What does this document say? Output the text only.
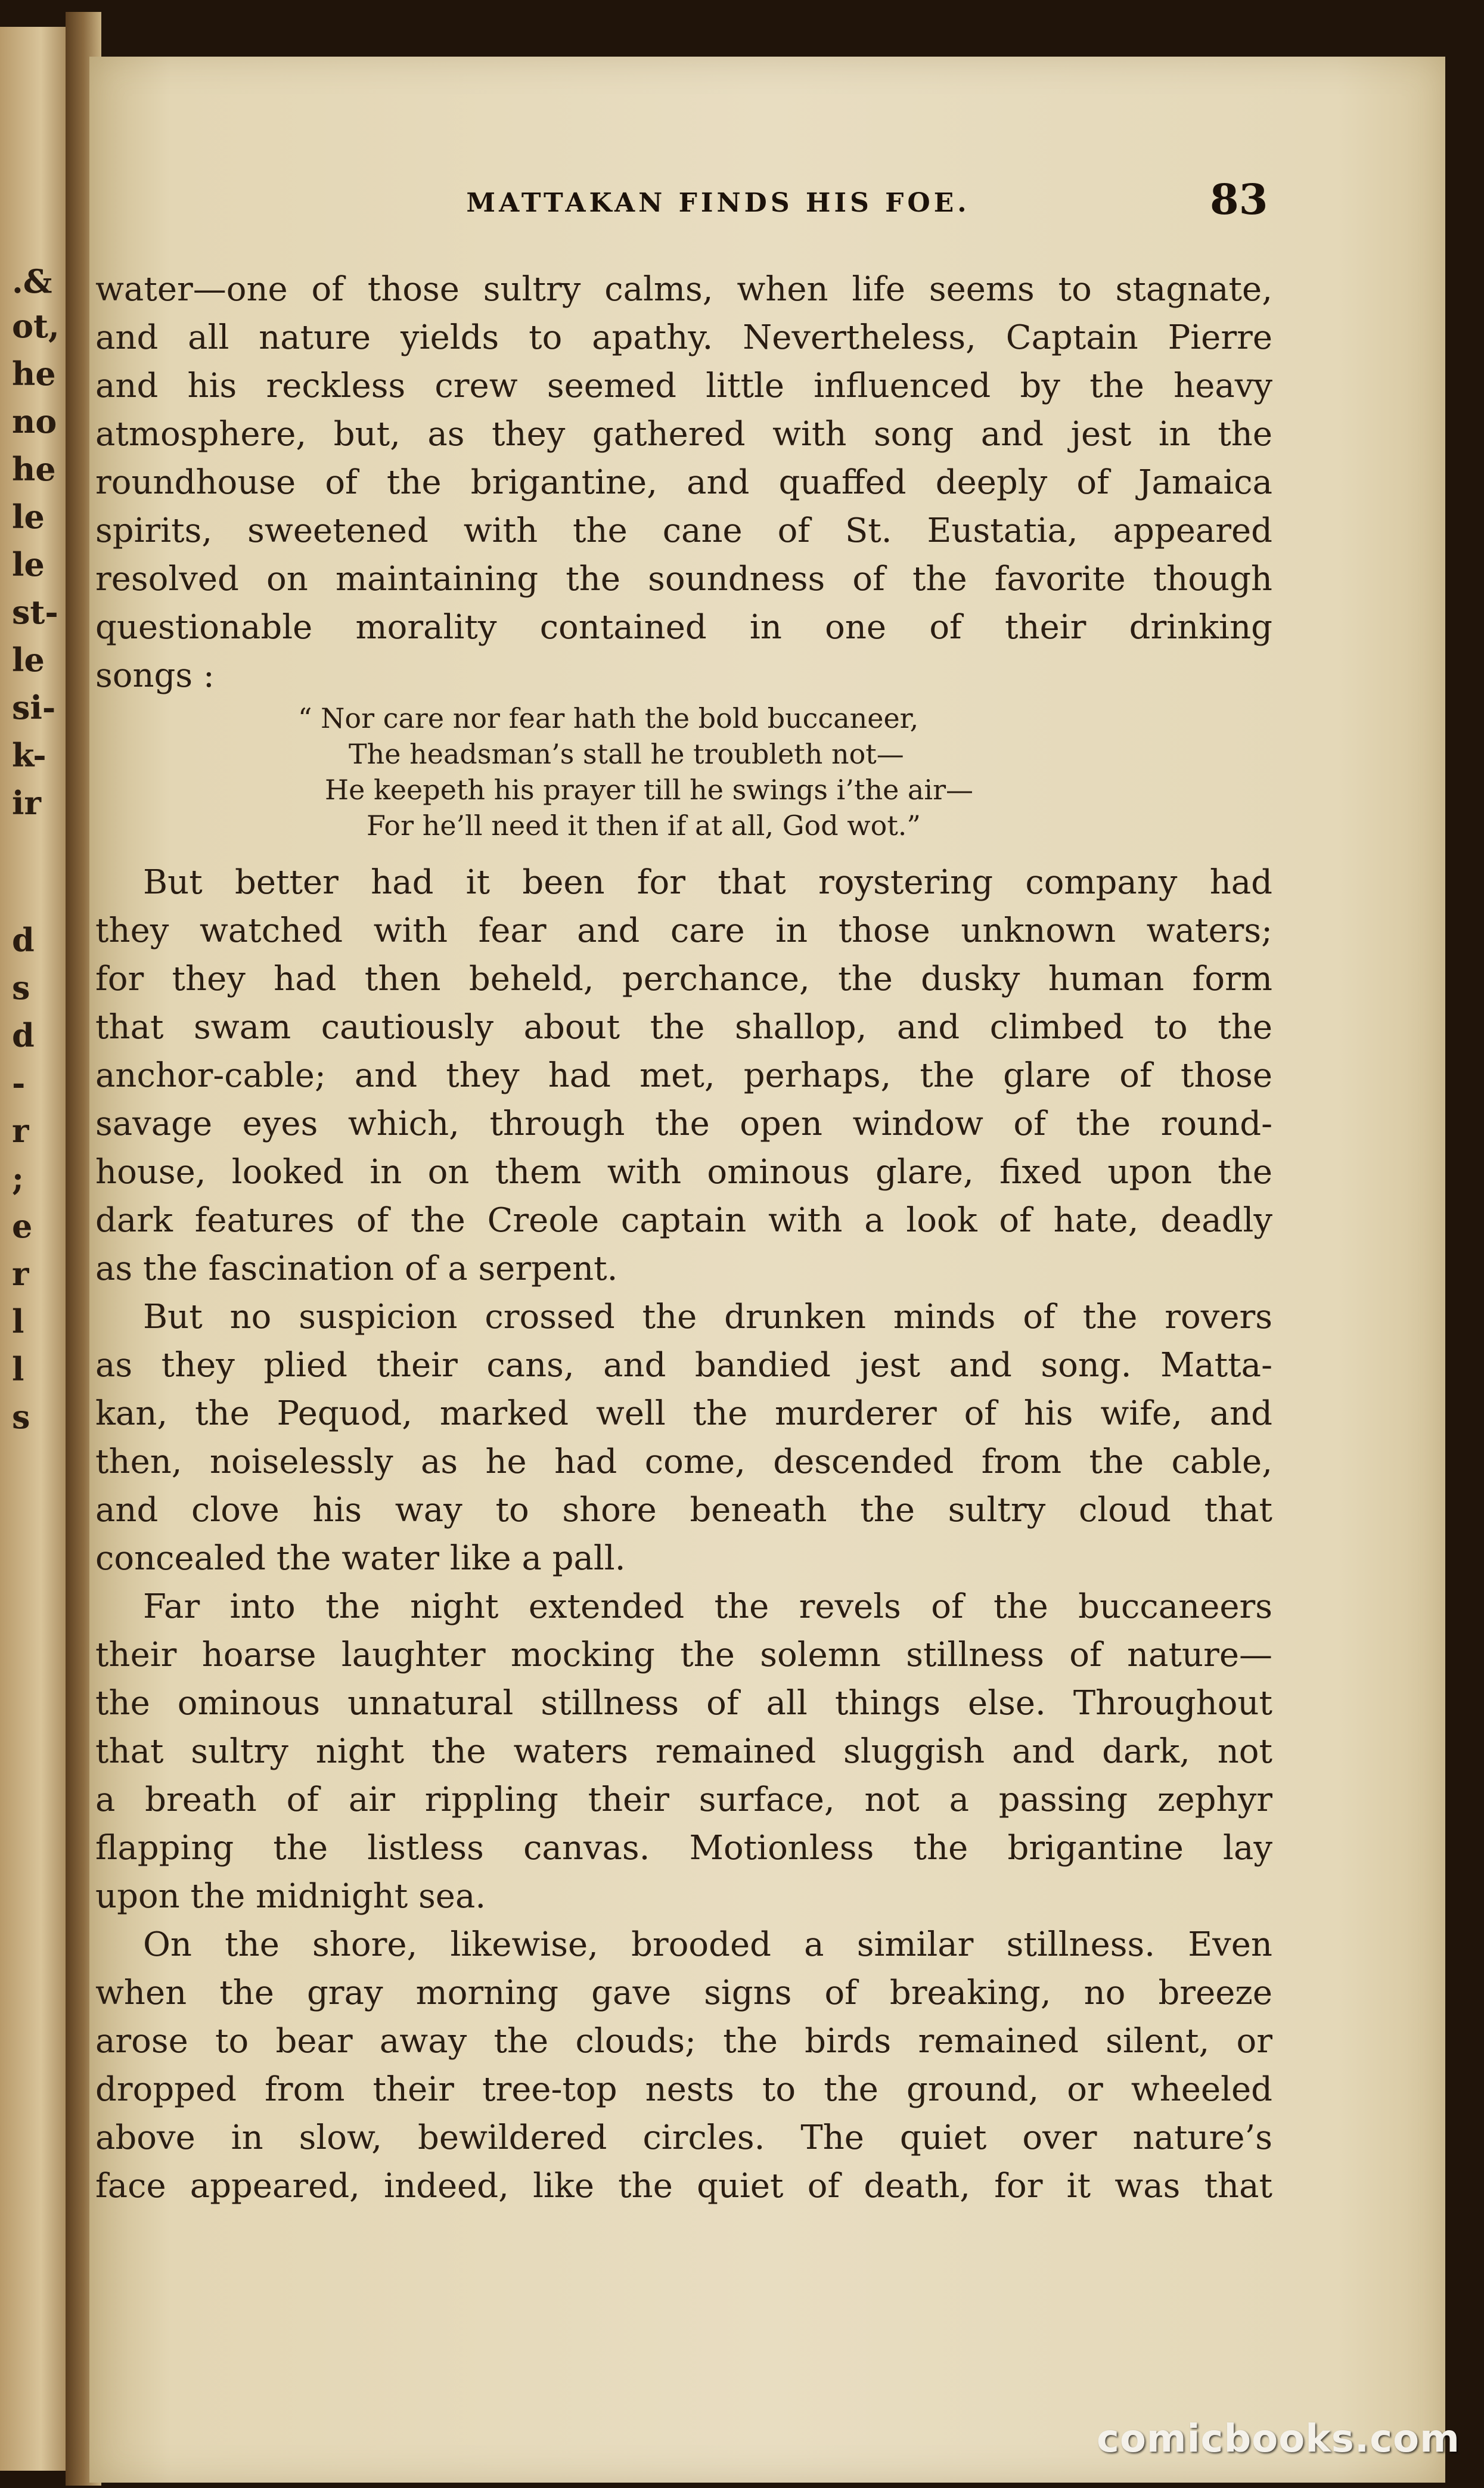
.&
ot,
he
no
he
le
le
st-
le
si-
k-
ir
d
s
d
-
r
;
e
r
l
l
s
MATTAKAN FINDS HIS FOE.	83
water—one of those sultry calms, when life seems to stagnate,
and all nature yields to apathy. Nevertheless, Captain Pierre
and his reckless crew seemed little influenced by the heavy
atmosphere, but, as they gathered with song and jest in the
roundhouse of the brigantine, and quaffed deeply of Jamaica
spirits, sweetened with the cane of St. Eustatia, appeared
resolved on maintaining the soundness of the favorite though
questionable morality contained in one of their drinking
songs :
“ Nor care nor fear hath the bold buccaneer,
The headsman’s stall he troubleth not—
He keepeth his prayer till he swings i’the air—
For he’ll need it then if at all, God wot.”
But better had it been for that roystering company had
they watched with fear and care in those unknown waters;
for they had then beheld, perchance, the dusky human form
that swam cautiously about the shallop, and climbed to the
anchor-cable; and they had met, perhaps, the glare of those
savage eyes which, through the open window of the round-
house, looked in on them with ominous glare, fixed upon the
dark features of the Creole captain with a look of hate, deadly
as the fascination of a serpent.
But no suspicion crossed the drunken minds of the rovers
as they plied their cans, and bandied jest and song. Matta-
kan, the Pequod, marked well the murderer of his wife, and
then, noiselessly as he had come, descended from the cable,
and clove his way to shore beneath the sultry cloud that
concealed the water like a pall.
Far into the night extended the revels of the buccaneers
their hoarse laughter mocking the solemn stillness of nature—
the ominous unnatural stillness of all things else. Throughout
that sultry night the waters remained sluggish and dark, not
a breath of air rippling their surface, not a passing zephyr
flapping the listless canvas. Motionless the brigantine lay
upon the midnight sea.
On the shore, likewise, brooded a similar stillness. Even
when the gray morning gave signs of breaking, no breeze
arose to bear away the clouds; the birds remained silent, or
dropped from their tree-top nests to the ground, or wheeled
above in slow, bewildered circles. The quiet over nature’s
face appeared, indeed, like the quiet of death, for it was that
comicbooks.com
